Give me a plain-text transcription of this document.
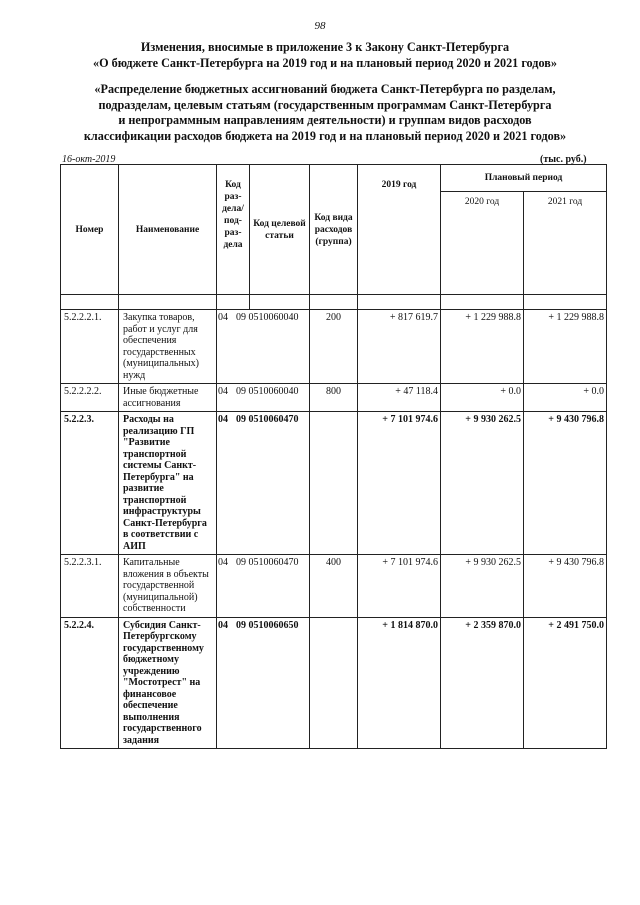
98
Изменения, вносимые в приложение 3 к Закону Санкт-Петербурга
«О бюджете Санкт-Петербурга на 2019 год и на плановый период 2020 и 2021 годов»
«Распределение бюджетных ассигнований бюджета Санкт-Петербурга по разделам,
подразделам, целевым статьям (государственным программам Санкт-Петербурга
и непрограммным направлениям деятельности) и группам видов расходов
классификации расходов бюджета на 2019 год и на плановый период 2020 и 2021 годов»
16-окт-2019	(тыс. руб.)
Номер	Наименование	Код раз-дела/ под-раз-дела	Код целевой статьи	Код вида расходов (группа)	2019 год	Плановый период	
						2020 год	2021 год

5.2.2.2.1.	Закупка товаров, работ и услуг для обеспечения государственных (муниципальных) нужд	04 09 0510060040		200	+ 817 619.7	+ 1 229 988.8	+ 1 229 988.8
5.2.2.2.2.	Иные бюджетные ассигнования	04 09 0510060040		800	+ 47 118.4	+ 0.0	+ 0.0
5.2.2.3.	Расходы на реализацию ГП "Развитие транспортной системы Санкт-Петербурга" на развитие транспортной инфраструктуры Санкт-Петербурга в соответствии с АИП	04 09 0510060470			+ 7 101 974.6	+ 9 930 262.5	+ 9 430 796.8
5.2.2.3.1.	Капитальные вложения в объекты государственной (муниципальной) собственности	04 09 0510060470		400	+ 7 101 974.6	+ 9 930 262.5	+ 9 430 796.8
5.2.2.4.	Субсидия Санкт-Петербургскому государственному бюджетному учреждению "Мостотрест" на финансовое обеспечение выполнения государственного задания	04 09 0510060650			+ 1 814 870.0	+ 2 359 870.0	+ 2 491 750.0
